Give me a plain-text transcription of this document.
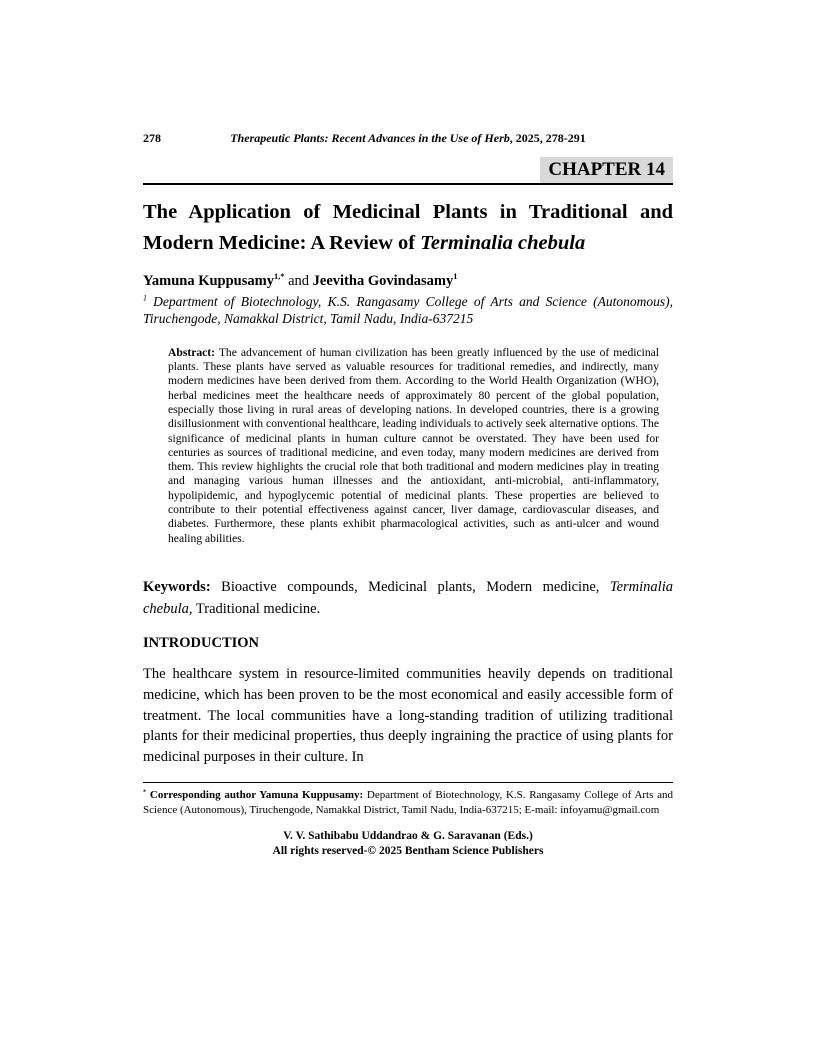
278	Therapeutic Plants: Recent Advances in the Use of Herb, 2025, 278-291
CHAPTER 14
The Application of Medicinal Plants in Traditional and Modern Medicine: A Review of Terminalia chebula
Yamuna Kuppusamy$^{1,*}$ and Jeevitha Govindasamy$^1$
$^1$ Department of Biotechnology, K.S. Rangasamy College of Arts and Science (Autonomous), Tiruchengode, Namakkal District, Tamil Nadu, India-637215

Abstract: The advancement of human civilization has been greatly influenced by the use of medicinal plants. These plants have served as valuable resources for traditional remedies, and indirectly, many modern medicines have been derived from them. According to the World Health Organization (WHO), herbal medicines meet the healthcare needs of approximately 80 percent of the global population, especially those living in rural areas of developing nations. In developed countries, there is a growing disillusionment with conventional healthcare, leading individuals to actively seek alternative options. The significance of medicinal plants in human culture cannot be overstated. They have been used for centuries as sources of traditional medicine, and even today, many modern medicines are derived from them. This review highlights the crucial role that both traditional and modern medicines play in treating and managing various human illnesses and the antioxidant, anti-microbial, anti-inflammatory, hypolipidemic, and hypoglycemic potential of medicinal plants. These properties are believed to contribute to their potential effectiveness against cancer, liver damage, cardiovascular diseases, and diabetes. Furthermore, these plants exhibit pharmacological activities, such as anti-ulcer and wound healing abilities.

Keywords: Bioactive compounds, Medicinal plants, Modern medicine, Terminalia chebula, Traditional medicine.

INTRODUCTION

The healthcare system in resource-limited communities heavily depends on traditional medicine, which has been proven to be the most economical and easily accessible form of treatment. The local communities have a long-standing tradition of utilizing traditional plants for their medicinal properties, thus deeply ingraining the practice of using plants for medicinal purposes in their culture. In

* Corresponding author Yamuna Kuppusamy: Department of Biotechnology, K.S. Rangasamy College of Arts and Science (Autonomous), Tiruchengode, Namakkal District, Tamil Nadu, India-637215; E-mail: infoyamu@gmail.com
V. V. Sathibabu Uddandrao & G. Saravanan (Eds.)
All rights reserved-© 2025 Bentham Science Publishers
